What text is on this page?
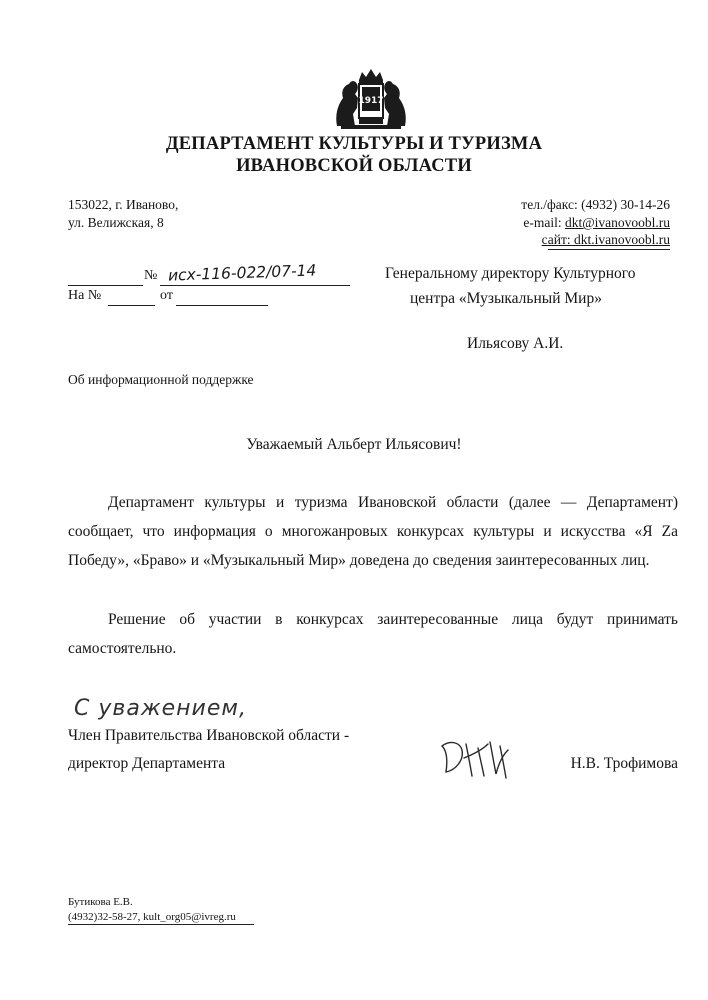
1917
ДЕПАРТАМЕНТ КУЛЬТУРЫ И ТУРИЗМА
ИВАНОВСКОЙ ОБЛАСТИ
153022, г. Иваново,
ул. Велижская, 8
тел./факс: (4932) 30-14-26
e-mail: dkt@ivanovoobl.ru
сайт: dkt.ivanovoobl.ru
№ исх-116-022/07-14
На №	от
Генеральному директору Культурного
центра «Музыкальный Мир»
Ильясову А.И.
Об информационной поддержке
Уважаемый Альберт Ильясович!
Департамент культуры и туризма Ивановской области (далее — Департамент) сообщает, что информация о многожанровых конкурсах культуры и искусства «Я Za Победу», «Браво» и «Музыкальный Мир» доведена до сведения заинтересованных лиц.
Решение об участии в конкурсах заинтересованные лица будут принимать самостоятельно.
С уважением,
Член Правительства Ивановской области -
директор Департамента	Н.В. Трофимова
Бутикова Е.В.
(4932)32-58-27, kult_org05@ivreg.ru
